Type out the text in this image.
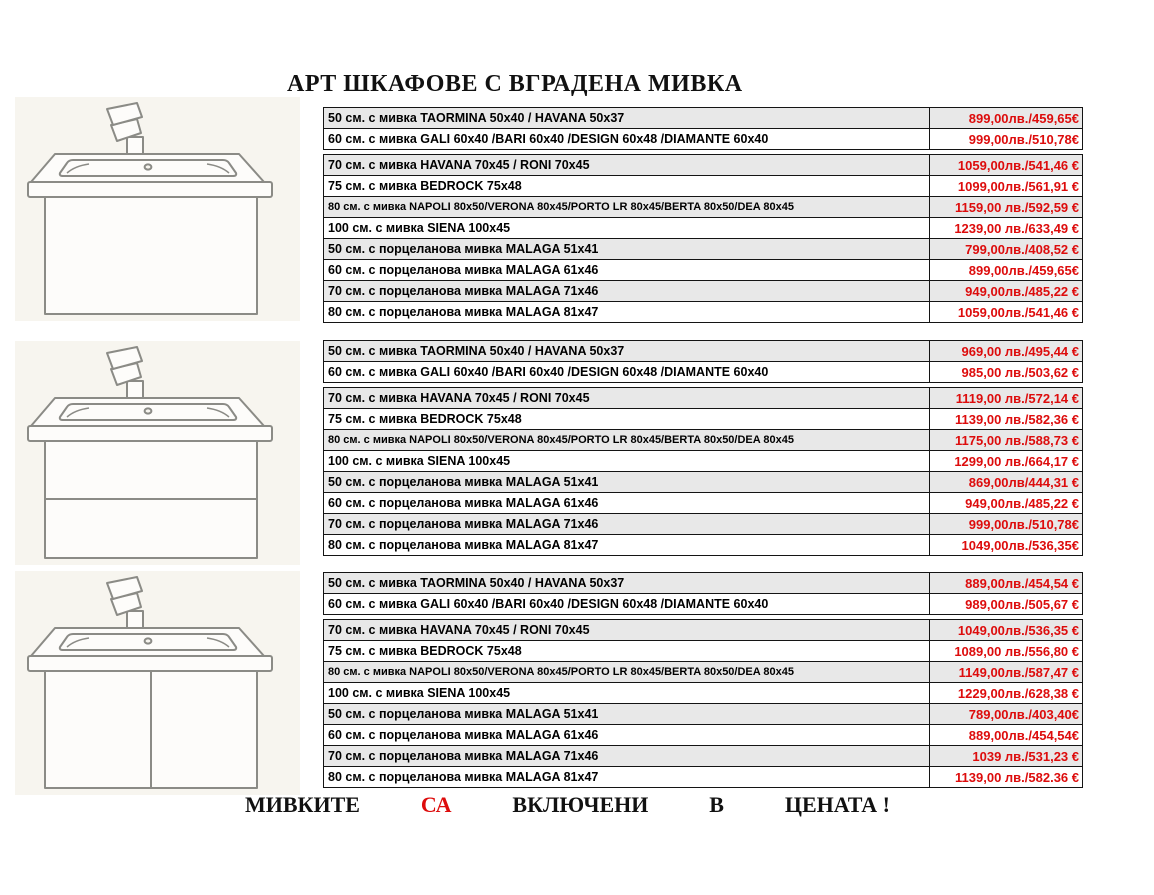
АРТ ШКАФОВЕ С ВГРАДЕНА МИВКА
50 см. с мивка TAORMINA 50x40 / HAVANA 50x37	899,00лв./459,65€
60 см. с мивка GALI 60x40 /BARI 60x40 /DESIGN 60x48 /DIAMANTE 60x40	999,00лв./510,78€
70 см. с мивка HAVANA 70x45 / RONI 70x45	1059,00лв./541,46 €
75 см. с мивка BEDROCK 75x48	1099,00лв./561,91 €
80 см. с мивка NAPOLI 80x50/VERONA 80x45/PORTO LR 80x45/BERTA 80x50/DEA 80x45	1159,00 лв./592,59 €
100 см. с мивка SIENA 100x45	1239,00 лв./633,49 €
50 см. с порцеланова мивка MALAGA 51x41	799,00лв./408,52 €
60 см. с порцеланова мивка MALAGA 61x46	899,00лв./459,65€
70 см. с порцеланова мивка MALAGA 71x46	949,00лв./485,22 €
80 см. с порцеланова мивка MALAGA 81x47	1059,00лв./541,46 €
50 см. с мивка TAORMINA 50x40 / HAVANA 50x37	969,00 лв./495,44 €
60 см. с мивка GALI 60x40 /BARI 60x40 /DESIGN 60x48 /DIAMANTE 60x40	985,00 лв./503,62 €
70 см. с мивка HAVANA 70x45 / RONI 70x45	1119,00 лв./572,14 €
75 см. с мивка BEDROCK 75x48	1139,00 лв./582,36 €
80 см. с мивка NAPOLI 80x50/VERONA 80x45/PORTO LR 80x45/BERTA 80x50/DEA 80x45	1175,00 лв./588,73 €
100 см. с мивка SIENA 100x45	1299,00 лв./664,17 €
50 см. с порцеланова мивка MALAGA 51x41	869,00лв/444,31 €
60 см. с порцеланова мивка MALAGA 61x46	949,00лв./485,22 €
70 см. с порцеланова мивка MALAGA 71x46	999,00лв./510,78€
80 см. с порцеланова мивка MALAGA 81x47	1049,00лв./536,35€
50 см. с мивка TAORMINA 50x40 / HAVANA 50x37	889,00лв./454,54 €
60 см. с мивка GALI 60x40 /BARI 60x40 /DESIGN 60x48 /DIAMANTE 60x40	989,00лв./505,67 €
70 см. с мивка HAVANA 70x45 / RONI 70x45	1049,00лв./536,35 €
75 см. с мивка BEDROCK 75x48	1089,00 лв./556,80 €
80 см. с мивка NAPOLI 80x50/VERONA 80x45/PORTO LR 80x45/BERTA 80x50/DEA 80x45	1149,00лв./587,47 €
100 см. с мивка SIENA 100x45	1229,00лв./628,38 €
50 см. с порцеланова мивка MALAGA 51x41	789,00лв./403,40€
60 см. с порцеланова мивка MALAGA 61x46	889,00лв./454,54€
70 см. с порцеланова мивка MALAGA 71x46	1039 лв./531,23 €
80 см. с порцеланова мивка MALAGA 81x47	1139,00 лв./582.36 €
МИВКИТЕ	СА	ВКЛЮЧЕНИ	В	ЦЕНАТА !
